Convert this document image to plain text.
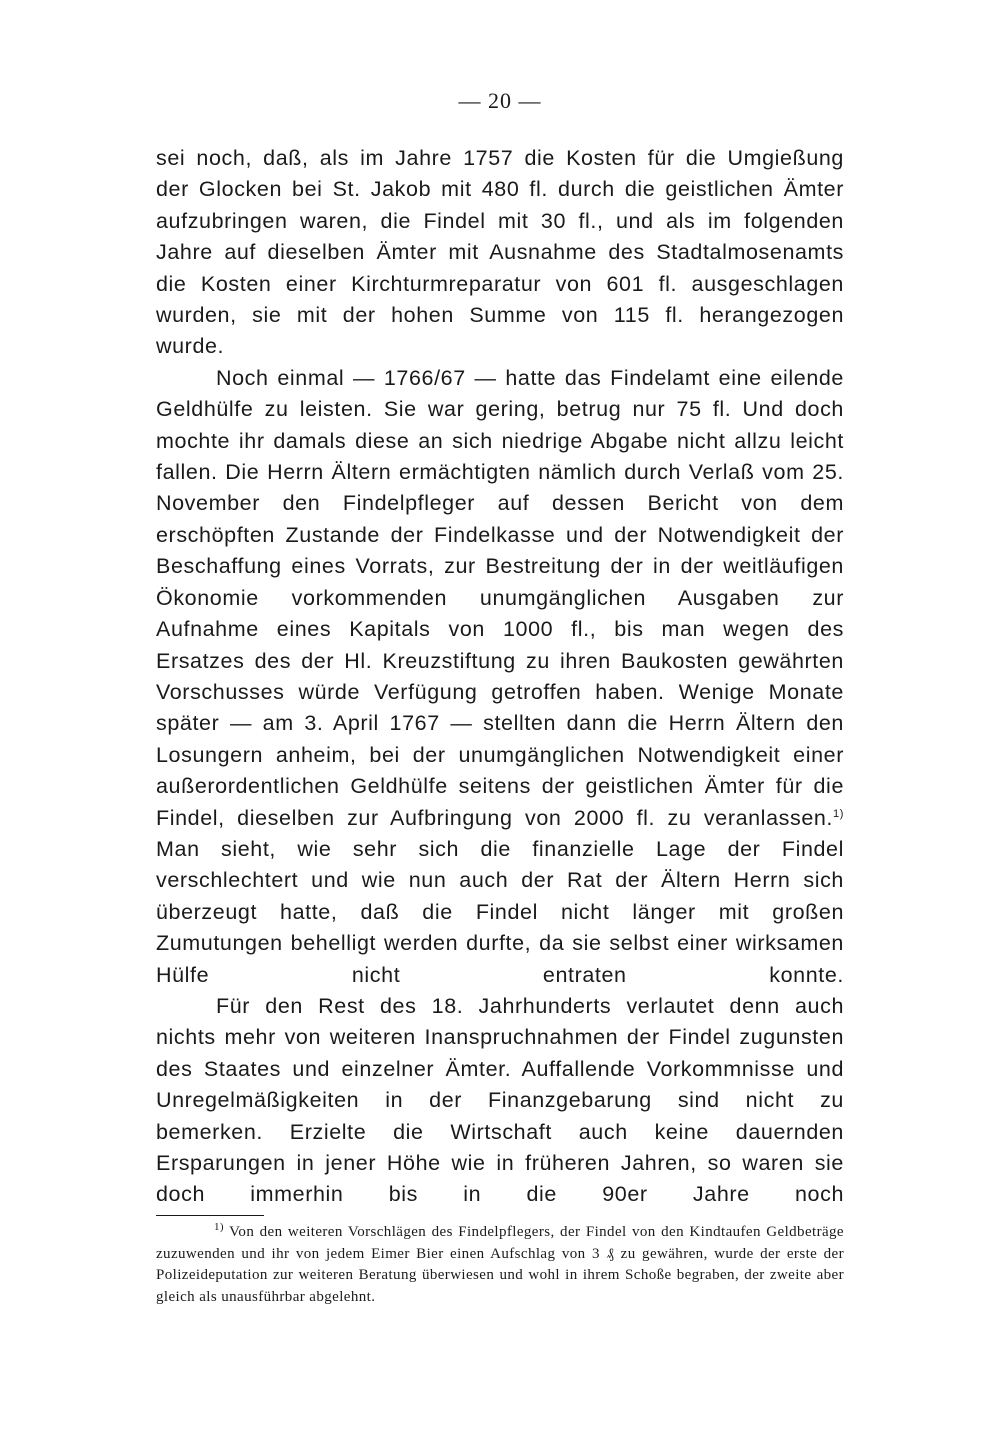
— 20 —

sei noch, daß, als im Jahre 1757 die Kosten für die Umgießung der Glocken bei St. Jakob mit 480 fl. durch die geistlichen Ämter aufzubringen waren, die Findel mit 30 fl., und als im folgenden Jahre auf dieselben Ämter mit Ausnahme des Stadtalmosenamts die Kosten einer Kirchturmreparatur von 601 fl. ausgeschlagen wurden, sie mit der hohen Summe von 115 fl. herangezogen wurde.

Noch einmal — 1766/67 — hatte das Findelamt eine eilende Geldhülfe zu leisten. Sie war gering, betrug nur 75 fl. Und doch mochte ihr damals diese an sich niedrige Abgabe nicht allzu leicht fallen. Die Herrn Ältern ermächtigten nämlich durch Verlaß vom 25. November den Findelpfleger auf dessen Bericht von dem erschöpften Zustande der Findelkasse und der Notwendigkeit der Beschaffung eines Vorrats, zur Bestreitung der in der weitläufigen Ökonomie vorkommenden unumgänglichen Ausgaben zur Aufnahme eines Kapitals von 1000 fl., bis man wegen des Ersatzes des der Hl. Kreuzstiftung zu ihren Baukosten gewährten Vorschusses würde Verfügung getroffen haben. Wenige Monate später — am 3. April 1767 — stellten dann die Herrn Ältern den Losungern anheim, bei der unumgänglichen Notwendigkeit einer außerordentlichen Geldhülfe seitens der geistlichen Ämter für die Findel, dieselben zur Aufbringung von 2000 fl. zu veranlassen.$^{1)}$ Man sieht, wie sehr sich die finanzielle Lage der Findel verschlechtert und wie nun auch der Rat der Ältern Herrn sich überzeugt hatte, daß die Findel nicht länger mit großen Zumutungen behelligt werden durfte, da sie selbst einer wirksamen Hülfe nicht entraten konnte.

Für den Rest des 18. Jahrhunderts verlautet denn auch nichts mehr von weiteren Inanspruchnahmen der Findel zugunsten des Staates und einzelner Ämter. Auffallende Vorkommnisse und Unregelmäßigkeiten in der Finanzgebarung sind nicht zu bemerken. Erzielte die Wirtschaft auch keine dauernden Ersparungen in jener Höhe wie in früheren Jahren, so waren sie doch immerhin bis in die 90er Jahre noch

$^{1)}$ Von den weiteren Vorschlägen des Findelpflegers, der Findel von den Kindtaufen Geldbeträge zuzuwenden und ihr von jedem Eimer Bier einen Aufschlag von 3 ₰ zu gewähren, wurde der erste der Polizeideputation zur weiteren Beratung überwiesen und wohl in ihrem Schoße begraben, der zweite aber gleich als unausführbar abgelehnt.
